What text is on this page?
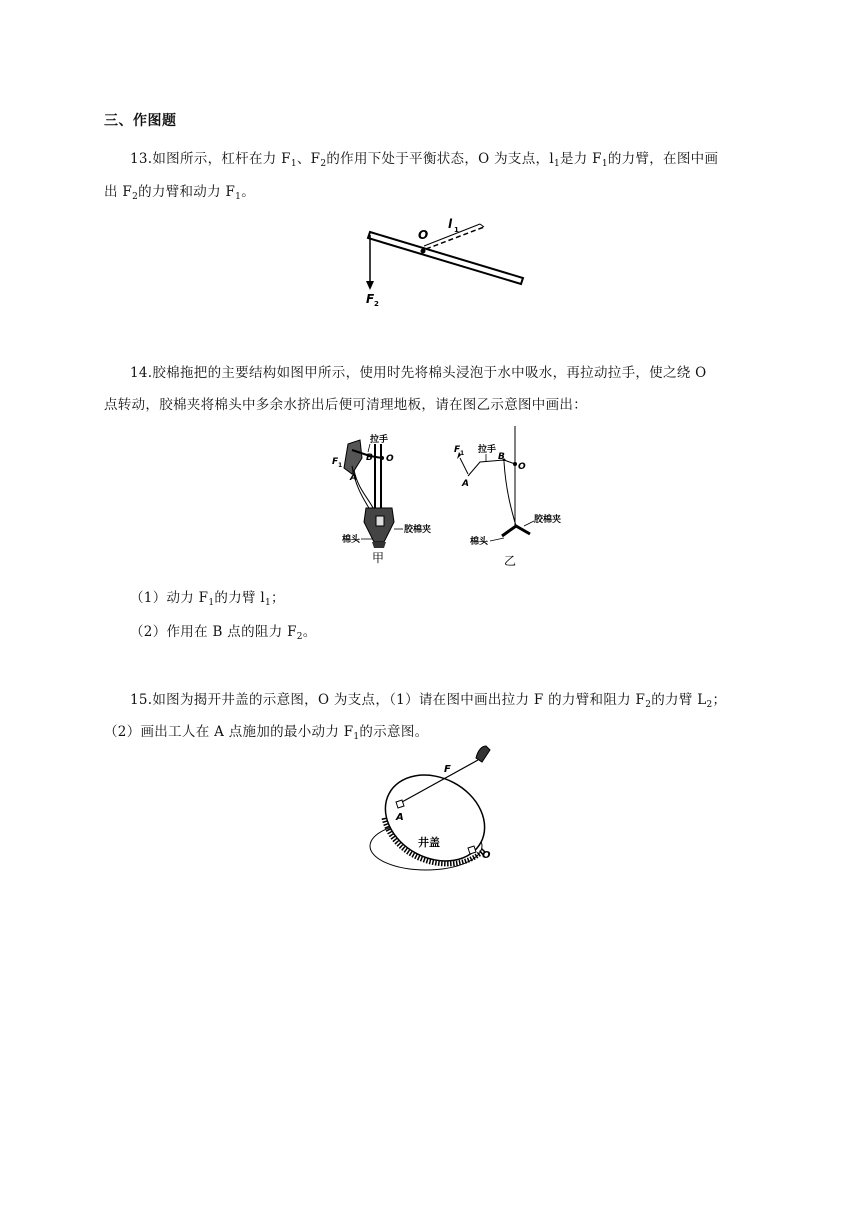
三、作图题
13.如图所示，杠杆在力 $F_1$、$F_2$的作用下处于平衡状态，O 为支点，$l_1$是力 $F_1$的力臂，在图中画
出 $F_2$的力臂和动力 $F_1$。
O
l 1
F 2
14.胶棉拖把的主要结构如图甲所示，使用时先将棉头浸泡于水中吸水，再拉动拉手，使之绕 O
点转动，胶棉夹将棉头中多余水挤出后便可清理地板，请在图乙示意图中画出：
拉手
F 1
A
B O
胶棉夹
棉头
甲
拉手
F 1
A
B
O
胶棉夹
棉头
乙
（1）动力 $F_1$的力臂 $l_1$；
（2）作用在 B 点的阻力 $F_2$。
15.如图为揭开井盖的示意图，O 为支点，（1）请在图中画出拉力 F 的力臂和阻力 $F_2$的力臂 $L_2$；
（2）画出工人在 A 点施加的最小动力 $F_1$的示意图。
F
A
O
井盖
